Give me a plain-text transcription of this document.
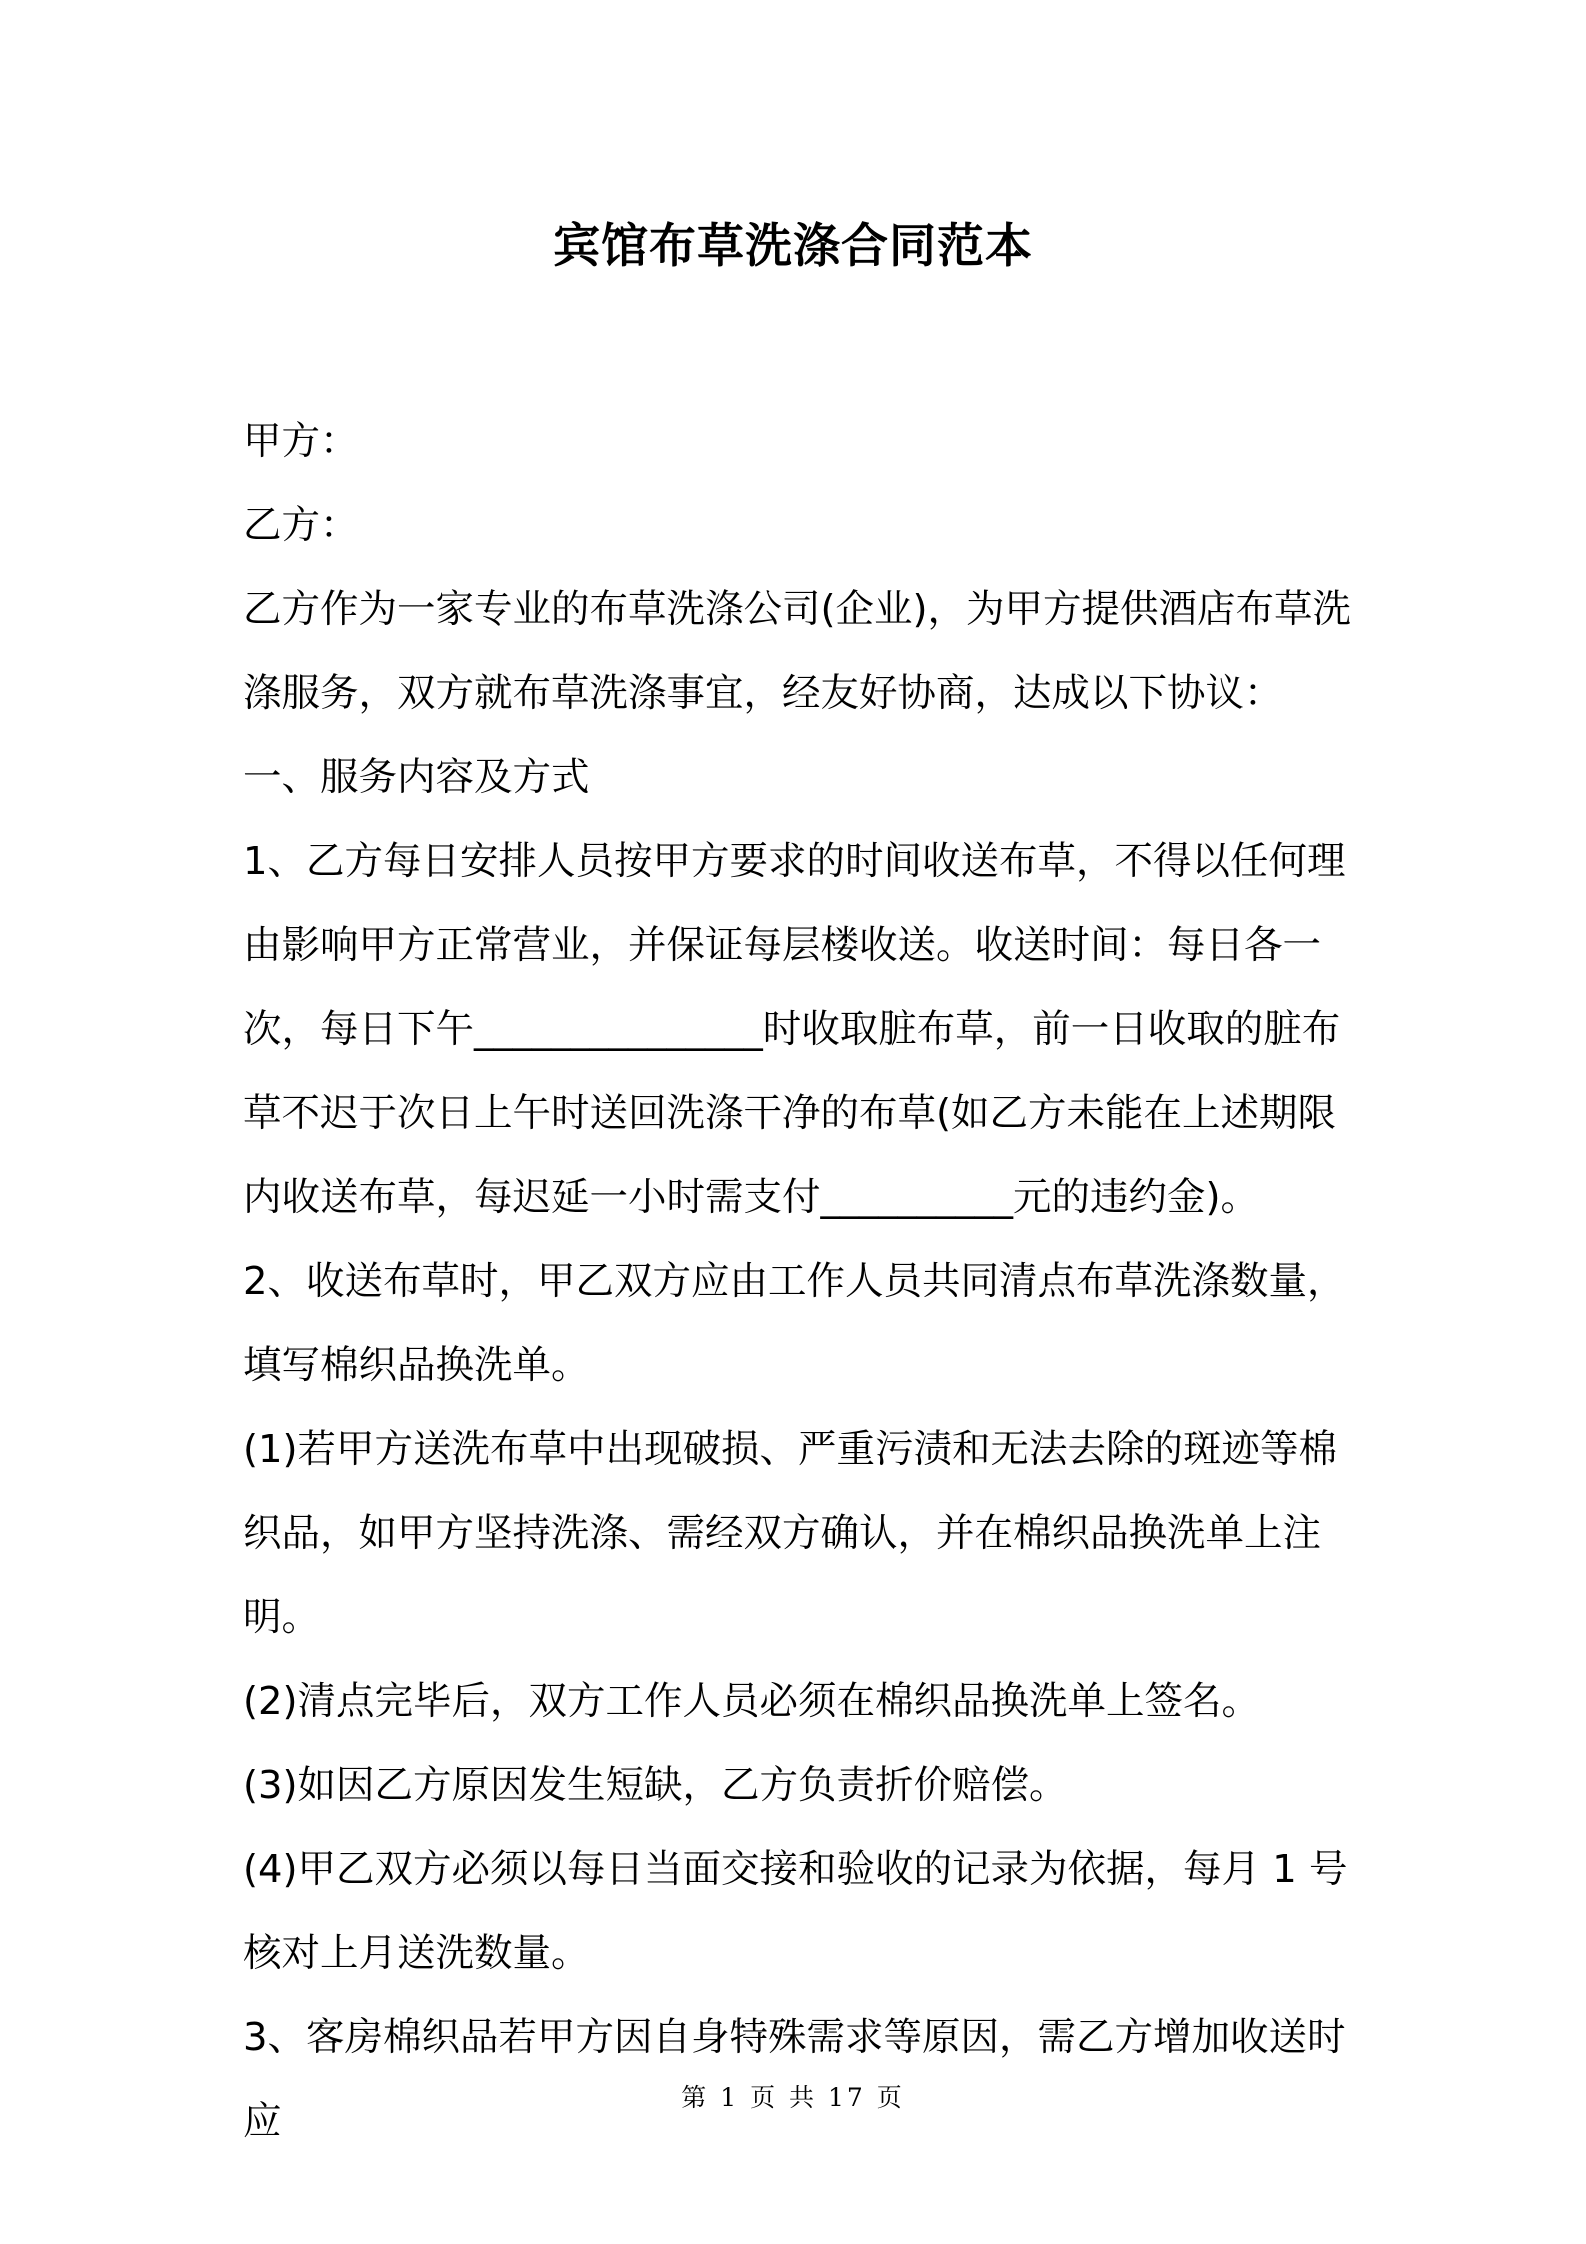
宾馆布草洗涤合同范本

甲方：

乙方：

乙方作为一家专业的布草洗涤公司(企业)，为甲方提供酒店布草洗涤服务，双方就布草洗涤事宜，经友好协商，达成以下协议：

一、服务内容及方式

1、乙方每日安排人员按甲方要求的时间收送布草，不得以任何理由影响甲方正常营业，并保证每层楼收送。收送时间：每日各一次，每日下午_______________时收取脏布草，前一日收取的脏布草不迟于次日上午时送回洗涤干净的布草(如乙方未能在上述期限内收送布草，每迟延一小时需支付__________元的违约金)。

2、收送布草时，甲乙双方应由工作人员共同清点布草洗涤数量，填写棉织品换洗单。

(1)若甲方送洗布草中出现破损、严重污渍和无法去除的斑迹等棉织品，如甲方坚持洗涤、需经双方确认，并在棉织品换洗单上注明。

(2)清点完毕后，双方工作人员必须在棉织品换洗单上签名。

(3)如因乙方原因发生短缺，乙方负责折价赔偿。

(4)甲乙双方必须以每日当面交接和验收的记录为依据，每月 1 号核对上月送洗数量。

3、客房棉织品若甲方因自身特殊需求等原因，需乙方增加收送时应

第 1 页 共 17 页
